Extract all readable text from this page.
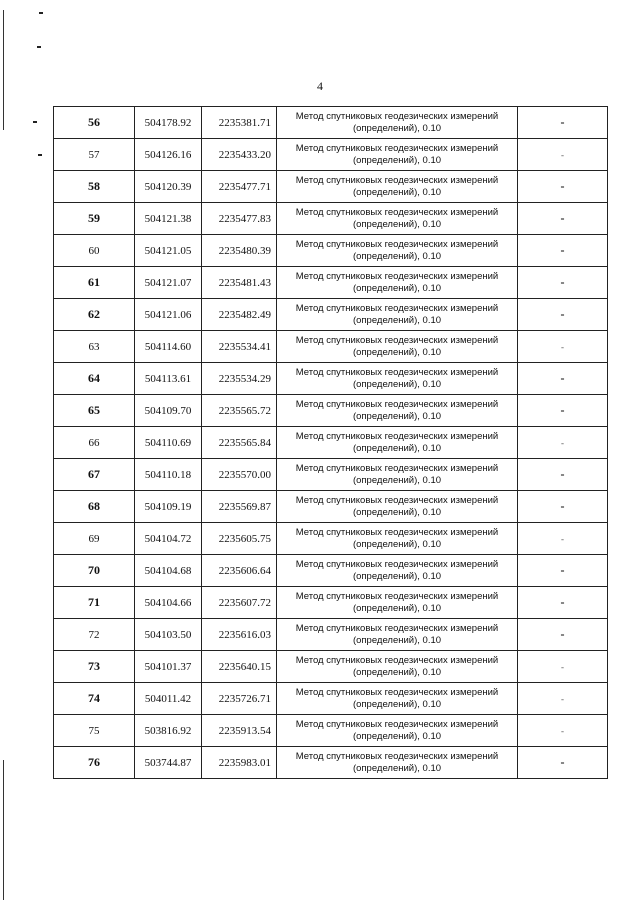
4
56	504178.92	2235381.71	Метод спутниковых геодезических измерений
(определений), 0.10	-
57	504126.16	2235433.20	Метод спутниковых геодезических измерений
(определений), 0.10	-
58	504120.39	2235477.71	Метод спутниковых геодезических измерений
(определений), 0.10	-
59	504121.38	2235477.83	Метод спутниковых геодезических измерений
(определений), 0.10	-
60	504121.05	2235480.39	Метод спутниковых геодезических измерений
(определений), 0.10	-
61	504121.07	2235481.43	Метод спутниковых геодезических измерений
(определений), 0.10	-
62	504121.06	2235482.49	Метод спутниковых геодезических измерений
(определений), 0.10	-
63	504114.60	2235534.41	Метод спутниковых геодезических измерений
(определений), 0.10	-
64	504113.61	2235534.29	Метод спутниковых геодезических измерений
(определений), 0.10	-
65	504109.70	2235565.72	Метод спутниковых геодезических измерений
(определений), 0.10	-
66	504110.69	2235565.84	Метод спутниковых геодезических измерений
(определений), 0.10	-
67	504110.18	2235570.00	Метод спутниковых геодезических измерений
(определений), 0.10	-
68	504109.19	2235569.87	Метод спутниковых геодезических измерений
(определений), 0.10	-
69	504104.72	2235605.75	Метод спутниковых геодезических измерений
(определений), 0.10	-
70	504104.68	2235606.64	Метод спутниковых геодезических измерений
(определений), 0.10	-
71	504104.66	2235607.72	Метод спутниковых геодезических измерений
(определений), 0.10	-
72	504103.50	2235616.03	Метод спутниковых геодезических измерений
(определений), 0.10	-
73	504101.37	2235640.15	Метод спутниковых геодезических измерений
(определений), 0.10	-
74	504011.42	2235726.71	Метод спутниковых геодезических измерений
(определений), 0.10	-
75	503816.92	2235913.54	Метод спутниковых геодезических измерений
(определений), 0.10	-
76	503744.87	2235983.01	Метод спутниковых геодезических измерений
(определений), 0.10	-
